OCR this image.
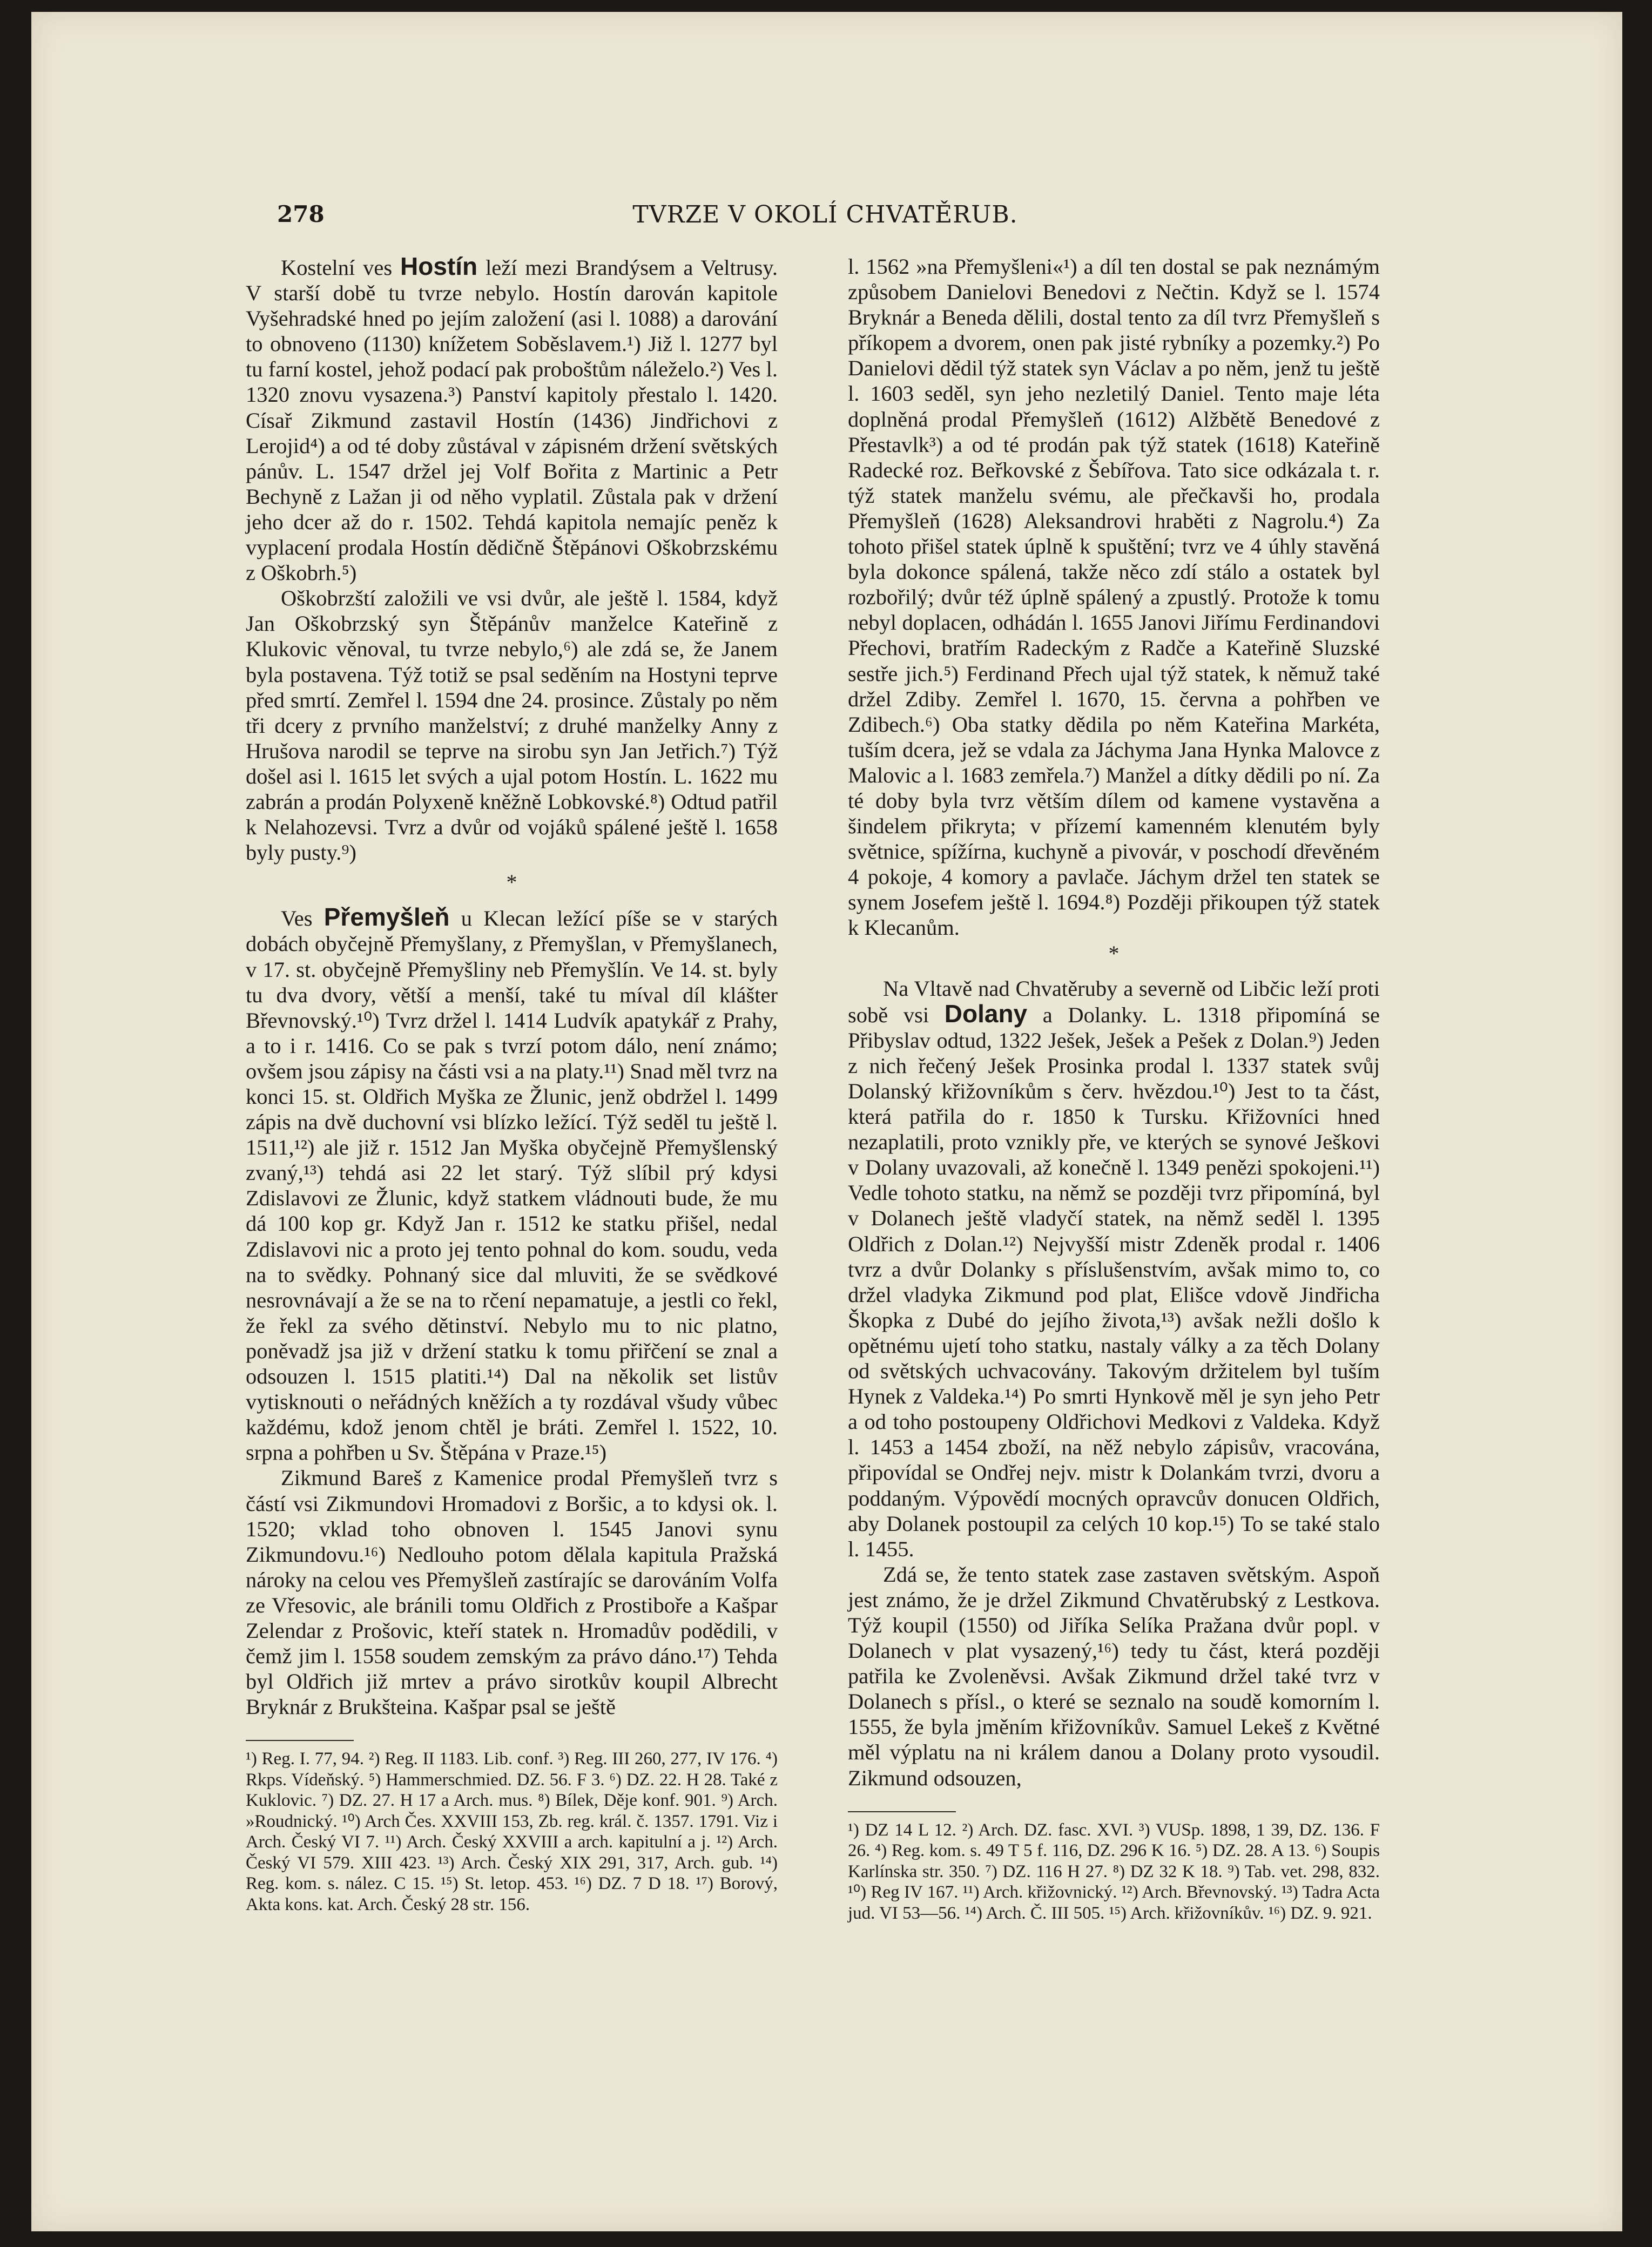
278	TVRZE V OKOLÍ CHVATĚRUB.

Kostelní ves Hostín leží mezi Brandýsem a Veltrusy. V starší době tu tvrze nebylo. Hostín darován kapitole Vyšehradské hned po jejím založení (asi l. 1088) a darování to obnoveno (1130) knížetem Soběslavem.¹) Již l. 1277 byl tu farní kostel, jehož podací pak proboštům náleželo.²) Ves l. 1320 znovu vysazena.³) Panství kapitoly přestalo l. 1420. Císař Zikmund zastavil Hostín (1436) Jindřichovi z Lerojid⁴) a od té doby zůstával v zápisném držení světských pánův. L. 1547 držel jej Volf Bořita z Martinic a Petr Bechyně z Lažan ji od něho vyplatil. Zůstala pak v držení jeho dcer až do r. 1502. Tehdá kapitola nemajíc peněz k vyplacení prodala Hostín dědičně Štěpánovi Oškobrzskému z Oškobrh.⁵)

Oškobrzští založili ve vsi dvůr, ale ještě l. 1584, když Jan Oškobrzský syn Štěpánův manželce Kateřině z Klukovic věnoval, tu tvrze nebylo,⁶) ale zdá se, že Janem byla postavena. Týž totiž se psal seděním na Hostyni teprve před smrtí. Zemřel l. 1594 dne 24. prosince. Zůstaly po něm tři dcery z prvního manželství; z druhé manželky Anny z Hrušova narodil se teprve na sirobu syn Jan Jetřich.⁷) Týž došel asi l. 1615 let svých a ujal potom Hostín. L. 1622 mu zabrán a prodán Polyxeně kněžně Lobkovské.⁸) Odtud patřil k Nelahozevsi. Tvrz a dvůr od vojáků spálené ještě l. 1658 byly pusty.⁹)

*

Ves Přemyšleň u Klecan ležící píše se v starých dobách obyčejně Přemyšlany, z Přemyšlan, v Přemyšlanech, v 17. st. obyčejně Přemyšliny neb Přemyšlín. Ve 14. st. byly tu dva dvory, větší a menší, také tu míval díl klášter Břevnovský.¹⁰) Tvrz držel l. 1414 Ludvík apatykář z Prahy, a to i r. 1416. Co se pak s tvrzí potom dálo, není známo; ovšem jsou zápisy na části vsi a na platy.¹¹) Snad měl tvrz na konci 15. st. Oldřich Myška ze Žlunic, jenž obdržel l. 1499 zápis na dvě duchovní vsi blízko ležící. Týž seděl tu ještě l. 1511,¹²) ale již r. 1512 Jan Myška obyčejně Přemyšlenský zvaný,¹³) tehdá asi 22 let starý. Týž slíbil prý kdysi Zdislavovi ze Žlunic, když statkem vládnouti bude, že mu dá 100 kop gr. Když Jan r. 1512 ke statku přišel, nedal Zdislavovi nic a proto jej tento pohnal do kom. soudu, veda na to svědky. Pohnaný sice dal mluviti, že se svědkové nesrovnávají a že se na to rčení nepamatuje, a jestli co řekl, že řekl za svého dětinství. Nebylo mu to nic platno, poněvadž jsa již v držení statku k tomu přiřčení se znal a odsouzen l. 1515 platiti.¹⁴) Dal na několik set listův vytisknouti o neřádných kněžích a ty rozdával všudy vůbec každému, kdož jenom chtěl je bráti. Zemřel l. 1522, 10. srpna a pohřben u Sv. Štěpána v Praze.¹⁵)

Zikmund Bareš z Kamenice prodal Přemyšleň tvrz s částí vsi Zikmundovi Hromadovi z Boršic, a to kdysi ok. l. 1520; vklad toho obnoven l. 1545 Janovi synu Zikmundovu.¹⁶) Nedlouho potom dělala kapitula Pražská nároky na celou ves Přemyšleň zastírajíc se darováním Volfa ze Vřesovic, ale bránili tomu Oldřich z Prostiboře a Kašpar Zelendar z Prošovic, kteří statek n. Hromadův podědili, v čemž jim l. 1558 soudem zemským za právo dáno.¹⁷) Tehda byl Oldřich již mrtev a právo sirotkův koupil Albrecht Bryknár z Brukšteina. Kašpar psal se ještě

¹) Reg. I. 77, 94. ²) Reg. II 1183. Lib. conf. ³) Reg. III 260, 277, IV 176. ⁴) Rkps. Vídeňský. ⁵) Hammerschmied. DZ. 56. F 3. ⁶) DZ. 22. H 28. Také z Kuklovic. ⁷) DZ. 27. H 17 a Arch. mus. ⁸) Bílek, Děje konf. 901. ⁹) Arch. »Roudnický. ¹⁰) Arch Čes. XXVIII 153, Zb. reg. král. č. 1357. 1791. Viz i Arch. Český VI 7. ¹¹) Arch. Český XXVIII a arch. kapitulní a j. ¹²) Arch. Český VI 579. XIII 423. ¹³) Arch. Český XIX 291, 317, Arch. gub. ¹⁴) Reg. kom. s. nález. C 15. ¹⁵) St. letop. 453. ¹⁶) DZ. 7 D 18. ¹⁷) Borový, Akta kons. kat. Arch. Český 28 str. 156.

l. 1562 »na Přemyšleni«¹) a díl ten dostal se pak neznámým způsobem Danielovi Benedovi z Nečtin. Když se l. 1574 Bryknár a Beneda dělili, dostal tento za díl tvrz Přemyšleň s příkopem a dvorem, onen pak jisté rybníky a pozemky.²) Po Danielovi dědil týž statek syn Václav a po něm, jenž tu ještě l. 1603 seděl, syn jeho nezletilý Daniel. Tento maje léta doplněná prodal Přemyšleň (1612) Alžbětě Benedové z Přestavlk³) a od té prodán pak týž statek (1618) Kateřině Radecké roz. Beřkovské z Šebířova. Tato sice odkázala t. r. týž statek manželu svému, ale přečkavši ho, prodala Přemyšleň (1628) Aleksandrovi hraběti z Nagrolu.⁴) Za tohoto přišel statek úplně k spuštění; tvrz ve 4 úhly stavěná byla dokonce spálená, takže něco zdí stálo a ostatek byl rozbořilý; dvůr též úplně spálený a zpustlý. Protože k tomu nebyl doplacen, odhádán l. 1655 Janovi Jiřímu Ferdinandovi Přechovi, bratřím Radeckým z Radče a Kateřině Sluzské sestře jich.⁵) Ferdinand Přech ujal týž statek, k němuž také držel Zdiby. Zemřel l. 1670, 15. června a pohřben ve Zdibech.⁶) Oba statky dědila po něm Kateřina Markéta, tuším dcera, jež se vdala za Jáchyma Jana Hynka Malovce z Malovic a l. 1683 zemřela.⁷) Manžel a dítky dědili po ní. Za té doby byla tvrz větším dílem od kamene vystavěna a šindelem přikryta; v přízemí kamenném klenutém byly světnice, spížírna, kuchyně a pivovár, v poschodí dřevěném 4 pokoje, 4 komory a pavlače. Jáchym držel ten statek se synem Josefem ještě l. 1694.⁸) Později přikoupen týž statek k Klecanům.

*

Na Vltavě nad Chvatěruby a severně od Libčic leží proti sobě vsi Dolany a Dolanky. L. 1318 připomíná se Přibyslav odtud, 1322 Ješek, Ješek a Pešek z Dolan.⁹) Jeden z nich řečený Ješek Prosinka prodal l. 1337 statek svůj Dolanský křižovníkům s červ. hvězdou.¹⁰) Jest to ta část, která patřila do r. 1850 k Tursku. Křižovníci hned nezaplatili, proto vznikly pře, ve kterých se synové Ješkovi v Dolany uvazovali, až konečně l. 1349 penězi spokojeni.¹¹) Vedle tohoto statku, na němž se později tvrz připomíná, byl v Dolanech ještě vladyčí statek, na němž seděl l. 1395 Oldřich z Dolan.¹²) Nejvyšší mistr Zdeněk prodal r. 1406 tvrz a dvůr Dolanky s příslušenstvím, avšak mimo to, co držel vladyka Zikmund pod plat, Elišce vdově Jindřicha Škopka z Dubé do jejího života,¹³) avšak nežli došlo k opětnému ujetí toho statku, nastaly války a za těch Dolany od světských uchvacovány. Takovým držitelem byl tuším Hynek z Valdeka.¹⁴) Po smrti Hynkově měl je syn jeho Petr a od toho postoupeny Oldřichovi Medkovi z Valdeka. Když l. 1453 a 1454 zboží, na něž nebylo zápisův, vracována, připovídal se Ondřej nejv. mistr k Dolankám tvrzi, dvoru a poddaným. Výpovědí mocných opravcův donucen Oldřich, aby Dolanek postoupil za celých 10 kop.¹⁵) To se také stalo l. 1455.

Zdá se, že tento statek zase zastaven světským. Aspoň jest známo, že je držel Zikmund Chvatěrubský z Lestkova. Týž koupil (1550) od Jiříka Selíka Pražana dvůr popl. v Dolanech v plat vysazený,¹⁶) tedy tu část, která později patřila ke Zvoleněvsi. Avšak Zikmund držel také tvrz v Dolanech s přísl., o které se seznalo na soudě komorním l. 1555, že byla jměním křižovníkův. Samuel Lekeš z Květné měl výplatu na ni králem danou a Dolany proto vysoudil. Zikmund odsouzen,

¹) DZ 14 L 12. ²) Arch. DZ. fasc. XVI. ³) VUSp. 1898, 1 39, DZ. 136. F 26. ⁴) Reg. kom. s. 49 T 5 f. 116, DZ. 296 K 16. ⁵) DZ. 28. A 13. ⁶) Soupis Karlínska str. 350. ⁷) DZ. 116 H 27. ⁸) DZ 32 K 18. ⁹) Tab. vet. 298, 832. ¹⁰) Reg IV 167. ¹¹) Arch. křižovnický. ¹²) Arch. Břevnovský. ¹³) Tadra Acta jud. VI 53—56. ¹⁴) Arch. Č. III 505. ¹⁵) Arch. křižovníkův. ¹⁶) DZ. 9. 921.
